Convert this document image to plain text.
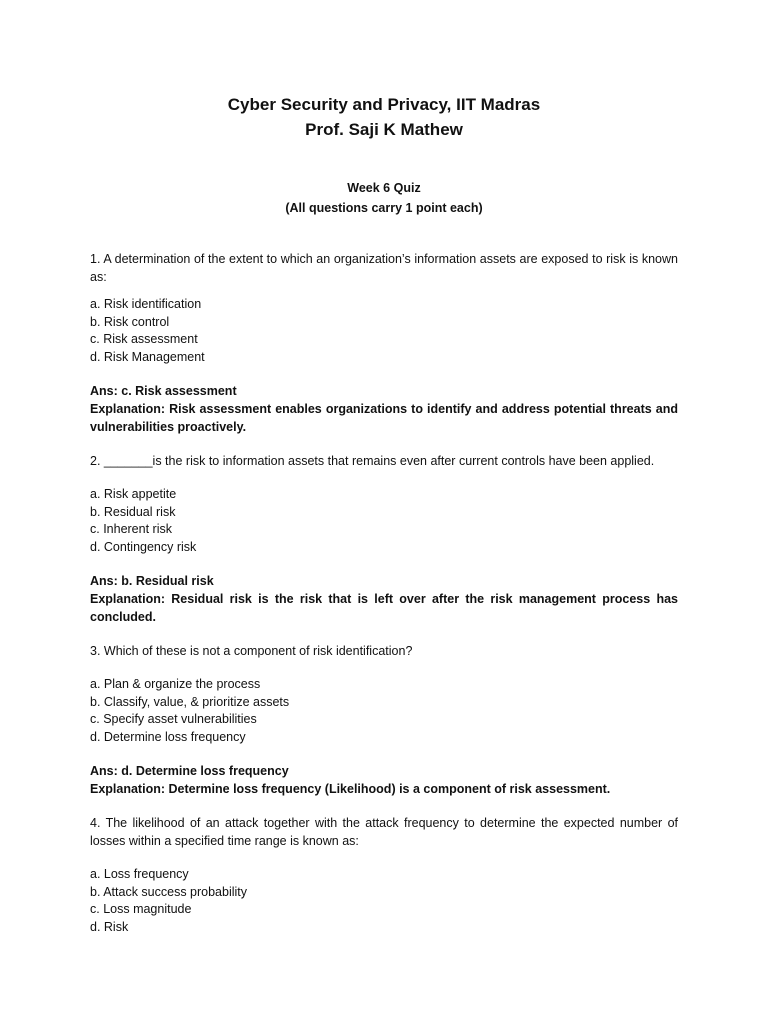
Cyber Security and Privacy, IIT Madras

Prof. Saji K Mathew

Week 6 Quiz

(All questions carry 1 point each)

1. A determination of the extent to which an organization’s information assets are exposed to risk is known as:

a. Risk identification
b. Risk control
c. Risk assessment
d. Risk Management

Ans: c. Risk assessment

Explanation: Risk assessment enables organizations to identify and address potential threats and vulnerabilities proactively.

2. _______is the risk to information assets that remains even after current controls have been applied.

a. Risk appetite
b. Residual risk
c. Inherent risk
d. Contingency risk

Ans: b. Residual risk

Explanation: Residual risk is the risk that is left over after the risk management process has concluded.

3. Which of these is not a component of risk identification?

a. Plan & organize the process
b. Classify, value, & prioritize assets
c. Specify asset vulnerabilities
d. Determine loss frequency

Ans: d. Determine loss frequency

Explanation: Determine loss frequency (Likelihood) is a component of risk assessment.

4. The likelihood of an attack together with the attack frequency to determine the expected number of losses within a specified time range is known as:

a. Loss frequency
b. Attack success probability
c. Loss magnitude
d. Risk
